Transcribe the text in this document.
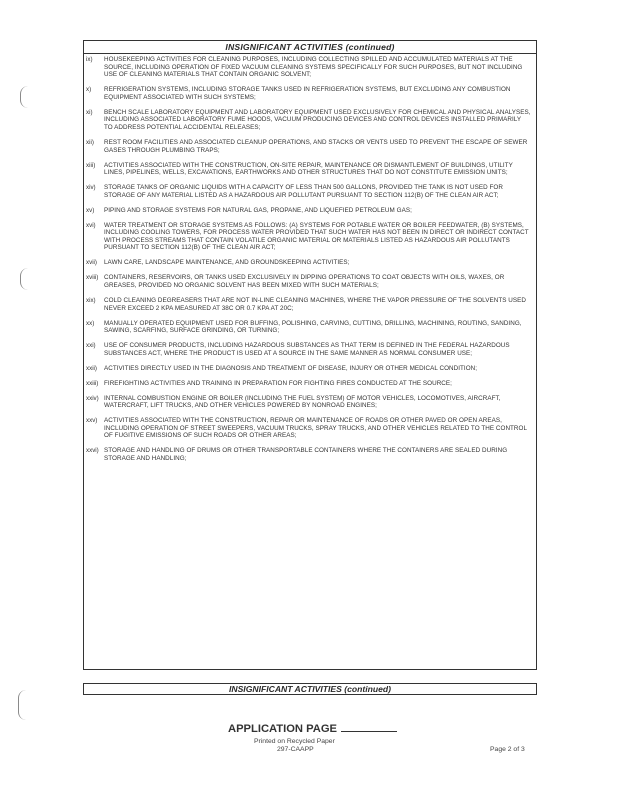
INSIGNIFICANT ACTIVITIES (continued)
ix)	HOUSEKEEPING ACTIVITIES FOR CLEANING PURPOSES, INCLUDING COLLECTING SPILLED AND ACCUMULATED MATERIALS AT THE SOURCE, INCLUDING OPERATION OF FIXED VACUUM CLEANING SYSTEMS SPECIFICALLY FOR SUCH PURPOSES, BUT NOT INCLUDING USE OF CLEANING MATERIALS THAT CONTAIN ORGANIC SOLVENT;
x)	REFRIGERATION SYSTEMS, INCLUDING STORAGE TANKS USED IN REFRIGERATION SYSTEMS, BUT EXCLUDING ANY COMBUSTION EQUIPMENT ASSOCIATED WITH SUCH SYSTEMS;
xi)	BENCH SCALE LABORATORY EQUIPMENT AND LABORATORY EQUIPMENT USED EXCLUSIVELY FOR CHEMICAL AND PHYSICAL ANALYSES, INCLUDING ASSOCIATED LABORATORY FUME HOODS, VACUUM PRODUCING DEVICES AND CONTROL DEVICES INSTALLED PRIMARILY TO ADDRESS POTENTIAL ACCIDENTAL RELEASES;
xii)	REST ROOM FACILITIES AND ASSOCIATED CLEANUP OPERATIONS, AND STACKS OR VENTS USED TO PREVENT THE ESCAPE OF SEWER GASES THROUGH PLUMBING TRAPS;
xiii)	ACTIVITIES ASSOCIATED WITH THE CONSTRUCTION, ON-SITE REPAIR, MAINTENANCE OR DISMANTLEMENT OF BUILDINGS, UTILITY LINES, PIPELINES, WELLS, EXCAVATIONS, EARTHWORKS AND OTHER STRUCTURES THAT DO NOT CONSTITUTE EMISSION UNITS;
xiv)	STORAGE TANKS OF ORGANIC LIQUIDS WITH A CAPACITY OF LESS THAN 500 GALLONS, PROVIDED THE TANK IS NOT USED FOR STORAGE OF ANY MATERIAL LISTED AS A HAZARDOUS AIR POLLUTANT PURSUANT TO SECTION 112(B) OF THE CLEAN AIR ACT;
xv)	PIPING AND STORAGE SYSTEMS FOR NATURAL GAS, PROPANE, AND LIQUEFIED PETROLEUM GAS;
xvi)	WATER TREATMENT OR STORAGE SYSTEMS AS FOLLOWS: (A) SYSTEMS FOR POTABLE WATER OR BOILER FEEDWATER, (B) SYSTEMS, INCLUDING COOLING TOWERS, FOR PROCESS WATER PROVIDED THAT SUCH WATER HAS NOT BEEN IN DIRECT OR INDIRECT CONTACT WITH PROCESS STREAMS THAT CONTAIN VOLATILE ORGANIC MATERIAL OR MATERIALS LISTED AS HAZARDOUS AIR POLLUTANTS PURSUANT TO SECTION 112(B) OF THE CLEAN AIR ACT;
xvii)	LAWN CARE, LANDSCAPE MAINTENANCE, AND GROUNDSKEEPING ACTIVITIES;
xviii) CONTAINERS, RESERVOIRS, OR TANKS USED EXCLUSIVELY IN DIPPING OPERATIONS TO COAT OBJECTS WITH OILS, WAXES, OR GREASES, PROVIDED NO ORGANIC SOLVENT HAS BEEN MIXED WITH SUCH MATERIALS;
xix)	COLD CLEANING DEGREASERS THAT ARE NOT IN-LINE CLEANING MACHINES, WHERE THE VAPOR PRESSURE OF THE SOLVENTS USED NEVER EXCEED 2 KPA MEASURED AT 38C OR 0.7 KPA AT 20C;
xx)	MANUALLY OPERATED EQUIPMENT USED FOR BUFFING, POLISHING, CARVING, CUTTING, DRILLING, MACHINING, ROUTING, SANDING, SAWING, SCARFING, SURFACE GRINDING, OR TURNING;
xxi)	USE OF CONSUMER PRODUCTS, INCLUDING HAZARDOUS SUBSTANCES AS THAT TERM IS DEFINED IN THE FEDERAL HAZARDOUS SUBSTANCES ACT, WHERE THE PRODUCT IS USED AT A SOURCE IN THE SAME MANNER AS NORMAL CONSUMER USE;
xxii)	ACTIVITIES DIRECTLY USED IN THE DIAGNOSIS AND TREATMENT OF DISEASE, INJURY OR OTHER MEDICAL CONDITION;
xxiii) FIREFIGHTING ACTIVITIES AND TRAINING IN PREPARATION FOR FIGHTING FIRES CONDUCTED AT THE SOURCE;
xxiv) INTERNAL COMBUSTION ENGINE OR BOILER (INCLUDING THE FUEL SYSTEM) OF MOTOR VEHICLES, LOCOMOTIVES, AIRCRAFT, WATERCRAFT, LIFT TRUCKS, AND OTHER VEHICLES POWERED BY NONROAD ENGINES;
xxv)	ACTIVITIES ASSOCIATED WITH THE CONSTRUCTION, REPAIR OR MAINTENANCE OF ROADS OR OTHER PAVED OR OPEN AREAS, INCLUDING OPERATION OF STREET SWEEPERS, VACUUM TRUCKS, SPRAY TRUCKS, AND OTHER VEHICLES RELATED TO THE CONTROL OF FUGITIVE EMISSIONS OF SUCH ROADS OR OTHER AREAS;
xxvi) STORAGE AND HANDLING OF DRUMS OR OTHER TRANSPORTABLE CONTAINERS WHERE THE CONTAINERS ARE SEALED DURING STORAGE AND HANDLING;
INSIGNIFICANT ACTIVITIES (continued)
APPLICATION PAGE
Printed on Recycled Paper
297-CAAPP	Page 2 of 3
